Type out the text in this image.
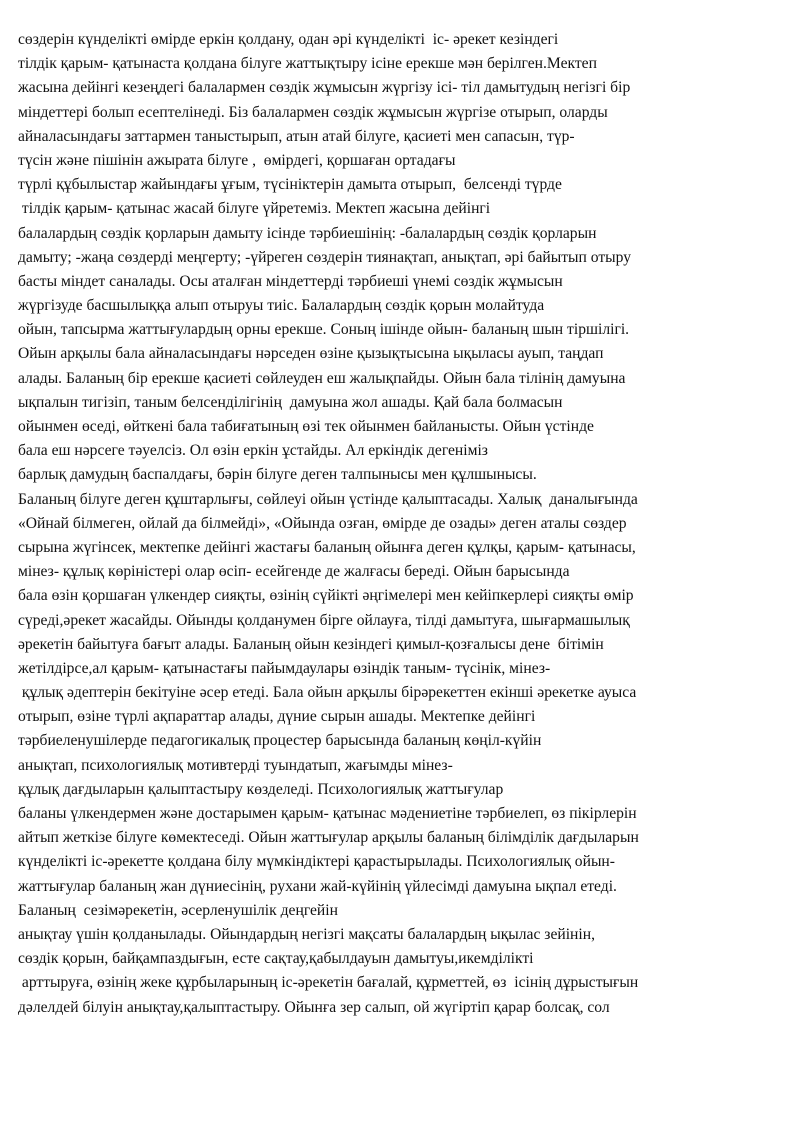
сөздерін күнделікті өмірде еркін қолдану, одан әрі күнделікті  іс- әрекет кезіндегі
тілдік қарым- қатынаста қолдана білуге жаттықтыру ісіне ерекше мән берілген.Мектеп
жасына дейінгі кезеңдегі балалармен сөздік жұмысын жүргізу ісі- тіл дамытудың негізгі бір
міндеттері болып есептелінеді. Біз балалармен сөздік жұмысын жүргізе отырып, оларды
айналасындағы заттармен таныстырып, атын атай білуге, қасиеті мен сапасын, түр-
түсін және пішінін ажырата білуге ,  өмірдегі, қоршаған ортадағы
түрлі құбылыстар жайындағы ұғым, түсініктерін дамыта отырып,  белсенді түрде
тілдік қарым- қатынас жасай білуге үйретеміз. Мектеп жасына дейінгі
балалардың сөздік қорларын дамыту ісінде тәрбиешінің: -балалардың сөздік қорларын
дамыту; -жаңа сөздерді меңгерту; -үйреген сөздерін тиянақтап, анықтап, әрі байытып отыру
басты міндет саналады. Осы аталған міндеттерді тәрбиеші үнемі сөздік жұмысын
жүргізуде басшылыққа алып отыруы тиіс. Балалардың сөздік қорын молайтуда
ойын, тапсырма жаттығулардың орны ерекше. Соның ішінде ойын- баланың шын тіршілігі.
Ойын арқылы бала айналасындағы нәрседен өзіне қызықтысына ықыласы ауып, таңдап
алады. Баланың бір ерекше қасиеті сөйлеуден еш жалықпайды. Ойын бала тілінің дамуына
ықпалын тигізіп, таным белсенділігінің  дамуына жол ашады. Қай бала болмасын
ойынмен өседі, өйткені бала табиғатының өзі тек ойынмен байланысты. Ойын үстінде
бала еш нәрсеге тәуелсіз. Ол өзін еркін ұстайды. Ал еркіндік дегеніміз
барлық дамудың баспалдағы, бәрін білуге деген талпынысы мен құлшынысы.
Баланың білуге деген құштарлығы, сөйлеуі ойын үстінде қалыптасады. Халық  даналығында
«Ойнай білмеген, ойлай да білмейді», «Ойында озған, өмірде де озады» деген аталы сөздер
сырына жүгінсек, мектепке дейінгі жастағы баланың ойынға деген құлқы, қарым- қатынасы,
мінез- құлық көріністері олар өсіп- есейгенде де жалғасы береді. Ойын барысында
бала өзін қоршаған үлкендер сияқты, өзінің сүйікті әңгімелері мен кейіпкерлері сияқты өмір
сүреді,әрекет жасайды. Ойынды қолданумен бірге ойлауға, тілді дамытуға, шығармашылық
әрекетін байытуға бағыт алады. Баланың ойын кезіндегі қимыл-қозғалысы дене  бітімін
жетілдірсе,ал қарым- қатынастағы пайымдаулары өзіндік таным- түсінік, мінез-
құлық әдептерін бекітуіне әсер етеді. Бала ойын арқылы бірәрекеттен екінші әрекетке ауыса
отырып, өзіне түрлі ақпараттар алады, дүние сырын ашады. Мектепке дейінгі
тәрбиеленушілерде педагогикалық процестер барысында баланың көңіл-күйін
анықтап, психологиялық мотивтерді туындатып, жағымды мінез-
құлық дағдыларын қалыптастыру көзделеді. Психологиялық жаттығулар
баланы үлкендермен және достарымен қарым- қатынас мәдениетіне тәрбиелеп, өз пікірлерін
айтып жеткізе білуге көмектеседі. Ойын жаттығулар арқылы баланың білімділік дағдыларын
күнделікті іс-әрекетте қолдана білу мүмкіндіктері қарастырылады. Психологиялық ойын-
жаттығулар баланың жан дүниесінің, рухани жай-күйінің үйлесімді дамуына ықпал етеді.
Баланың  сезімәрекетін, әсерленушілік деңгейін
анықтау үшін қолданылады. Ойындардың негізгі мақсаты балалардың ықылас зейінін,
сөздік қорын, байқампаздығын, есте сақтау,қабылдауын дамытуы,икемділікті
арттыруға, өзінің жеке құрбыларының іс-әрекетін бағалай, құрметтей, өз  ісінің дұрыстығын
дәлелдей білуін анықтау,қалыптастыру. Ойынға зер салып, ой жүгіртіп қарар болсақ, сол
